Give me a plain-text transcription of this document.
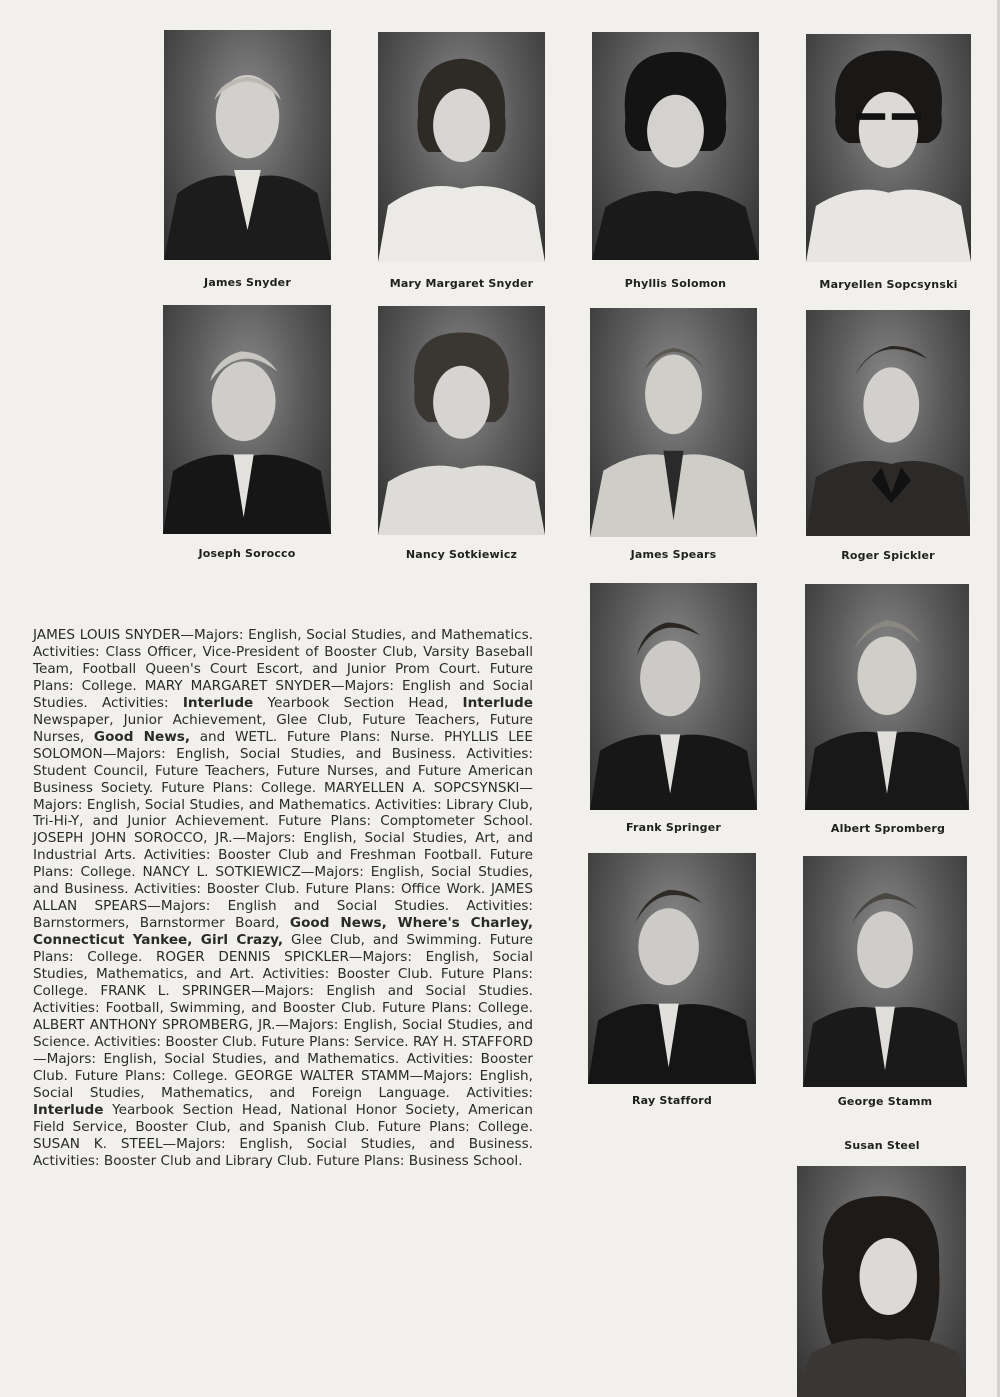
James Snyder	Mary Margaret Snyder	Phyllis Solomon	Maryellen Sopcsynski
Joseph Sorocco	Nancy Sotkiewicz	James Spears	Roger Spickler
Frank Springer	Albert Spromberg
Ray Stafford	George Stamm
Susan Steel
JAMES LOUIS SNYDER—Majors: English, Social Studies, and Mathematics. Activities: Class Officer, Vice-President of Booster Club, Varsity Baseball Team, Football Queen's Court Escort, and Junior Prom Court. Future Plans: College. MARY MARGARET SNYDER—Majors: English and Social Studies. Activities: Interlude Yearbook Section Head, Interlude Newspaper, Junior Achievement, Glee Club, Future Teachers, Future Nurses, Good News, and WETL. Future Plans: Nurse. PHYLLIS LEE SOLOMON—Majors: English, Social Studies, and Business. Activities: Student Council, Future Teachers, Future Nurses, and Future American Business Society. Future Plans: College. MARYELLEN A. SOPCSYNSKI—Majors: English, Social Studies, and Mathematics. Activities: Library Club, Tri-Hi-Y, and Junior Achievement. Future Plans: Comptometer School. JOSEPH JOHN SOROCCO, JR.—Majors: English, Social Studies, Art, and Industrial Arts. Activities: Booster Club and Freshman Football. Future Plans: College. NANCY L. SOTKIEWICZ—Majors: English, Social Studies, and Business. Activities: Booster Club. Future Plans: Office Work. JAMES ALLAN SPEARS—Majors: English and Social Studies. Activities: Barnstormers, Barnstormer Board, Good News, Where's Charley, Connecticut Yankee, Girl Crazy, Glee Club, and Swimming. Future Plans: College. ROGER DENNIS SPICKLER—Majors: English, Social Studies, Mathematics, and Art. Activities: Booster Club. Future Plans: College. FRANK L. SPRINGER—Majors: English and Social Studies. Activities: Football, Swimming, and Booster Club. Future Plans: College. ALBERT ANTHONY SPROMBERG, JR.—Majors: English, Social Studies, and Science. Activities: Booster Club. Future Plans: Service. RAY H. STAFFORD—Majors: English, Social Studies, and Mathematics. Activities: Booster Club. Future Plans: College. GEORGE WALTER STAMM—Majors: English, Social Studies, Mathematics, and Foreign Language. Activities: Interlude Yearbook Section Head, National Honor Society, American Field Service, Booster Club, and Spanish Club. Future Plans: College. SUSAN K. STEEL—Majors: English, Social Studies, and Business. Activities: Booster Club and Library Club. Future Plans: Business School.
